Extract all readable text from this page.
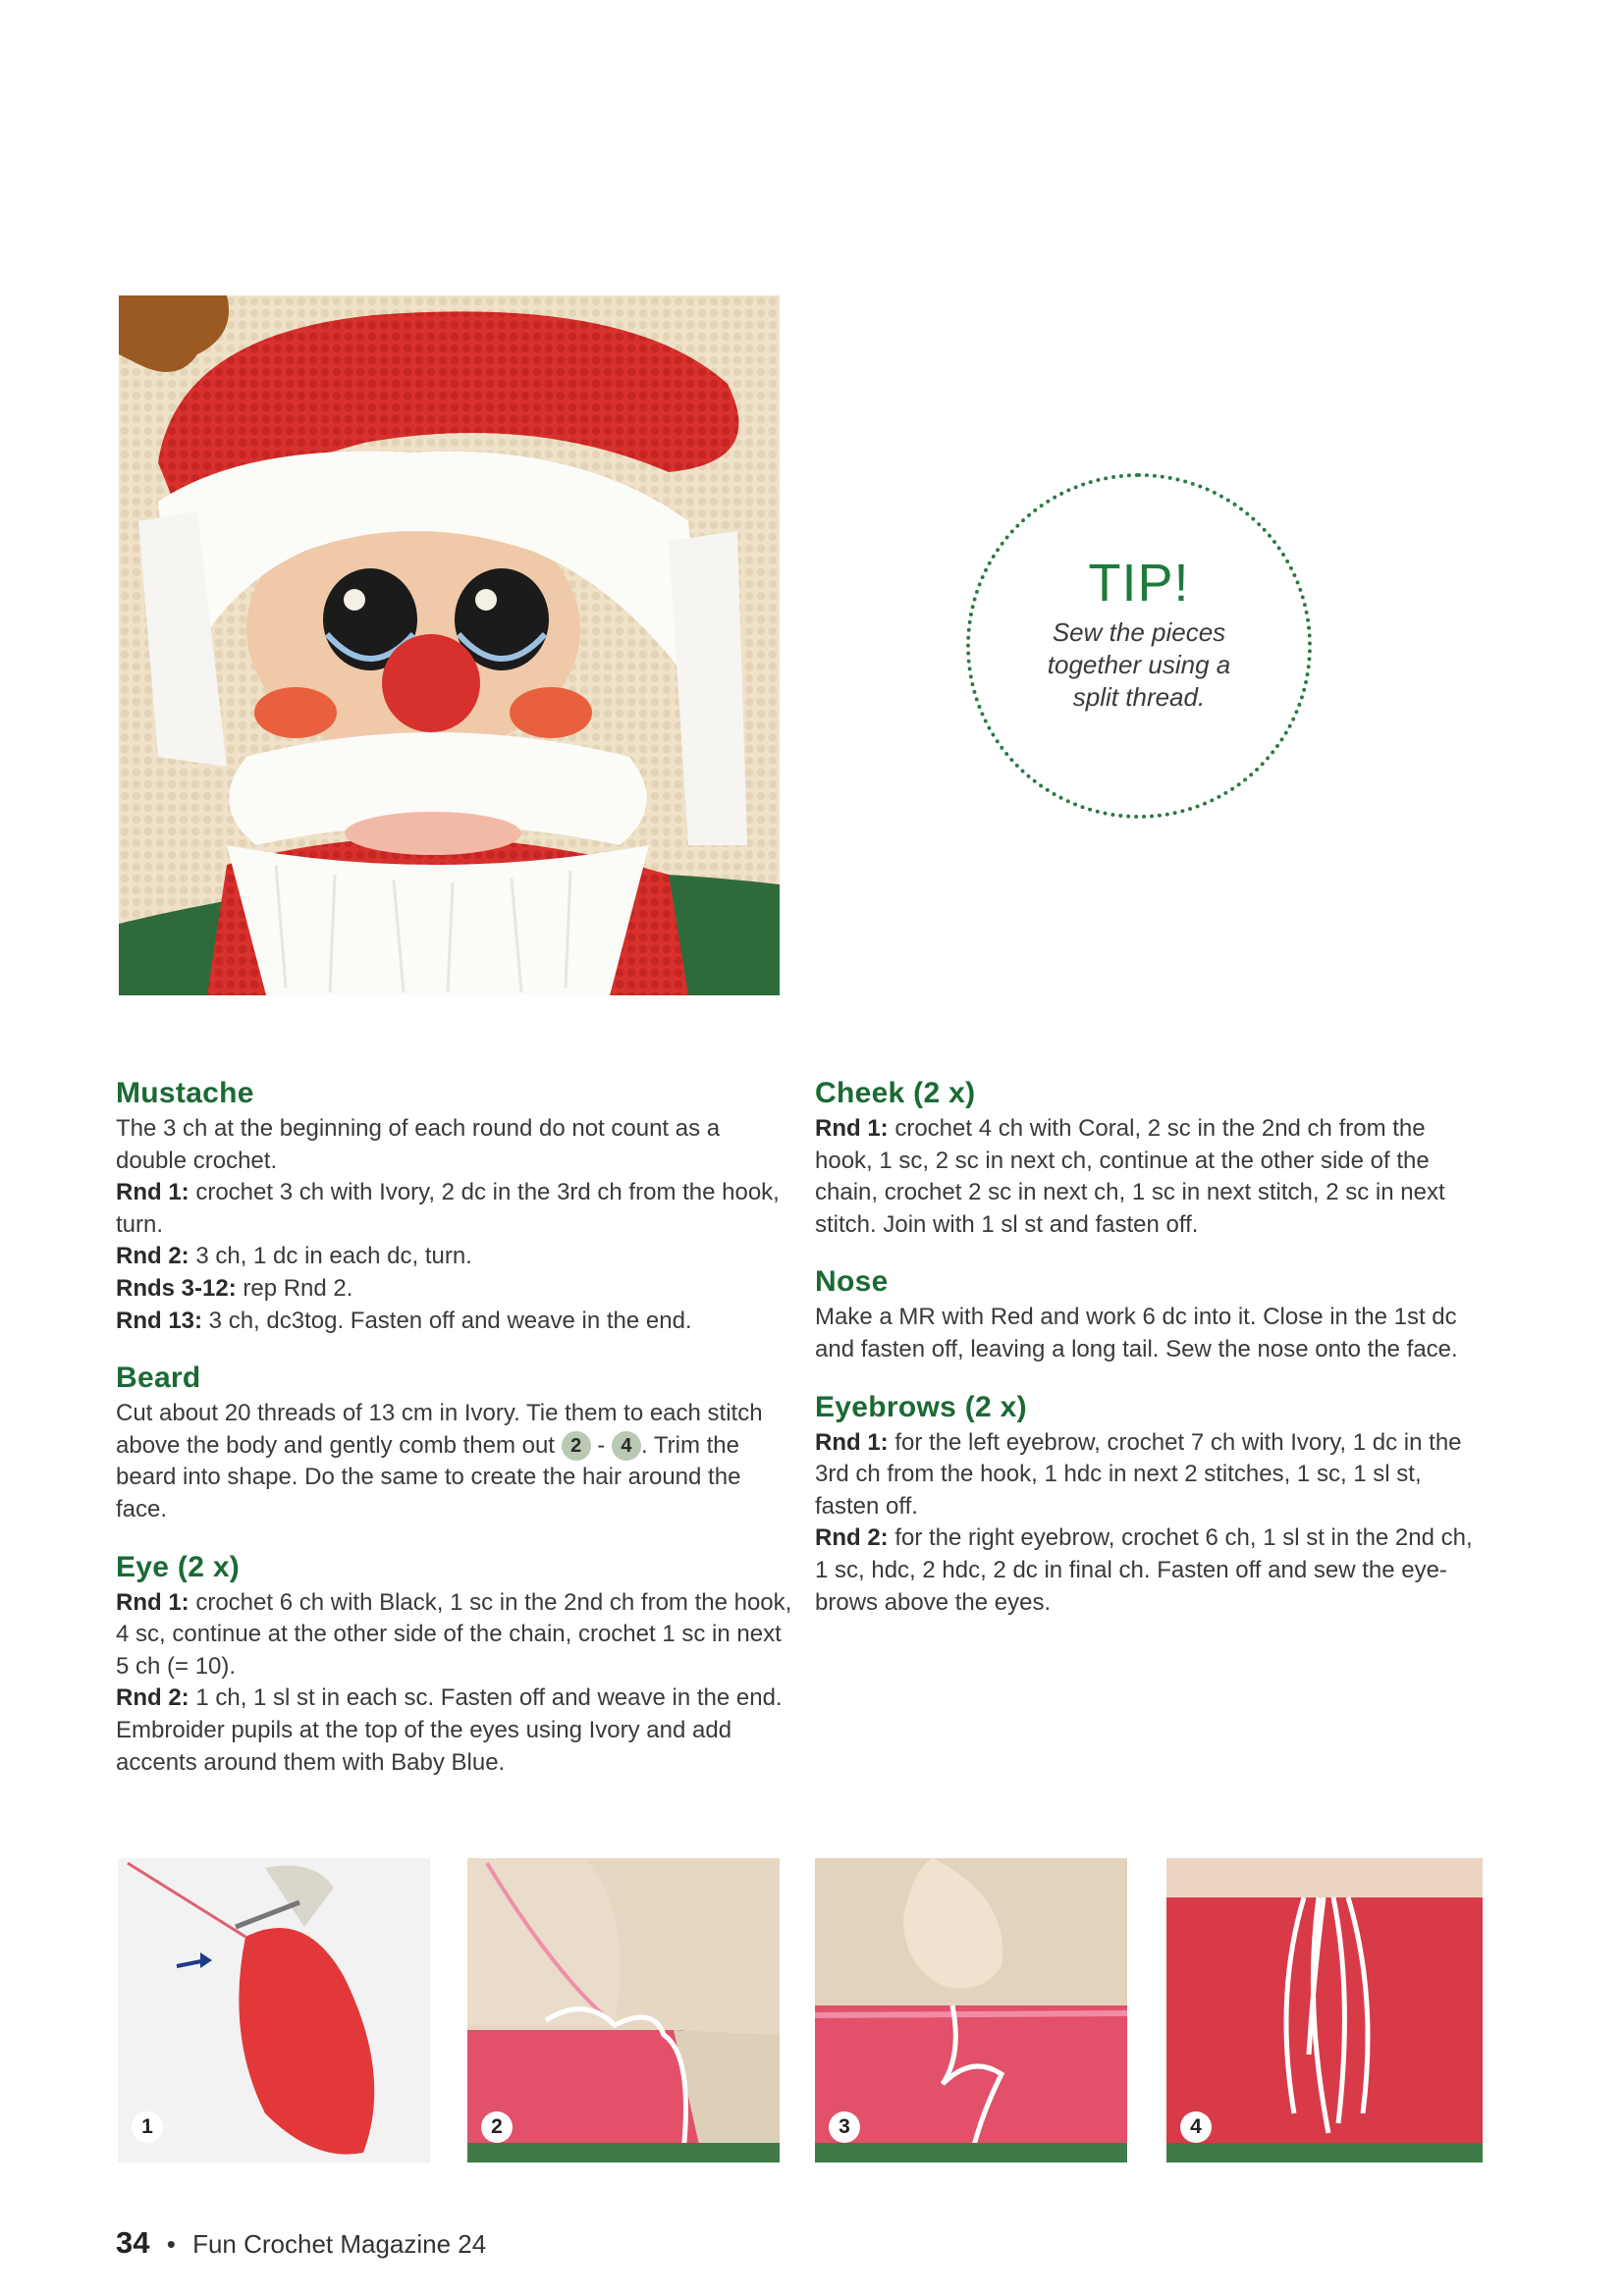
TIP!
Sew the pieces together using a split thread.
Mustache

The 3 ch at the beginning of each round do not count as a double crochet.

Rnd 1: crochet 3 ch with Ivory, 2 dc in the 3rd ch from the hook, turn.

Rnd 2: 3 ch, 1 dc in each dc, turn.

Rnds 3-12: rep Rnd 2.

Rnd 13: 3 ch, dc3tog. Fasten off and weave in the end.

Beard

Cut about 20 threads of 13 cm in Ivory. Tie them to each stitch above the body and gently comb them out 2 - 4 . Trim the beard into shape. Do the same to create the hair around the face.

Eye (2 x)

Rnd 1: crochet 6 ch with Black, 1 sc in the 2nd ch from the hook, 4 sc, continue at the other side of the chain, crochet 1 sc in next 5 ch (= 10).

Rnd 2: 1 ch, 1 sl st in each sc. Fasten off and weave in the end.

Embroider pupils at the top of the eyes using Ivory and add accents around them with Baby Blue.

Cheek (2 x)

Rnd 1: crochet 4 ch with Coral, 2 sc in the 2nd ch from the hook, 1 sc, 2 sc in next ch, continue at the other side of the chain, crochet 2 sc in next ch, 1 sc in next stitch, 2 sc in next stitch. Join with 1 sl st and fasten off.

Nose

Make a MR with Red and work 6 dc into it. Close in the 1st dc and fasten off, leaving a long tail. Sew the nose onto the face.

Eyebrows (2 x)

Rnd 1: for the left eyebrow, crochet 7 ch with Ivory, 1 dc in the 3rd ch from the hook, 1 hdc in next 2 stitches, 1 sc, 1 sl st, fasten off.

Rnd 2: for the right eyebrow, crochet 6 ch, 1 sl st in the 2nd ch, 1 sc, hdc, 2 hdc, 2 dc in final ch. Fasten off and sew the eye-brows above the eyes.

1	2	3	4
34 • Fun Crochet Magazine 24
